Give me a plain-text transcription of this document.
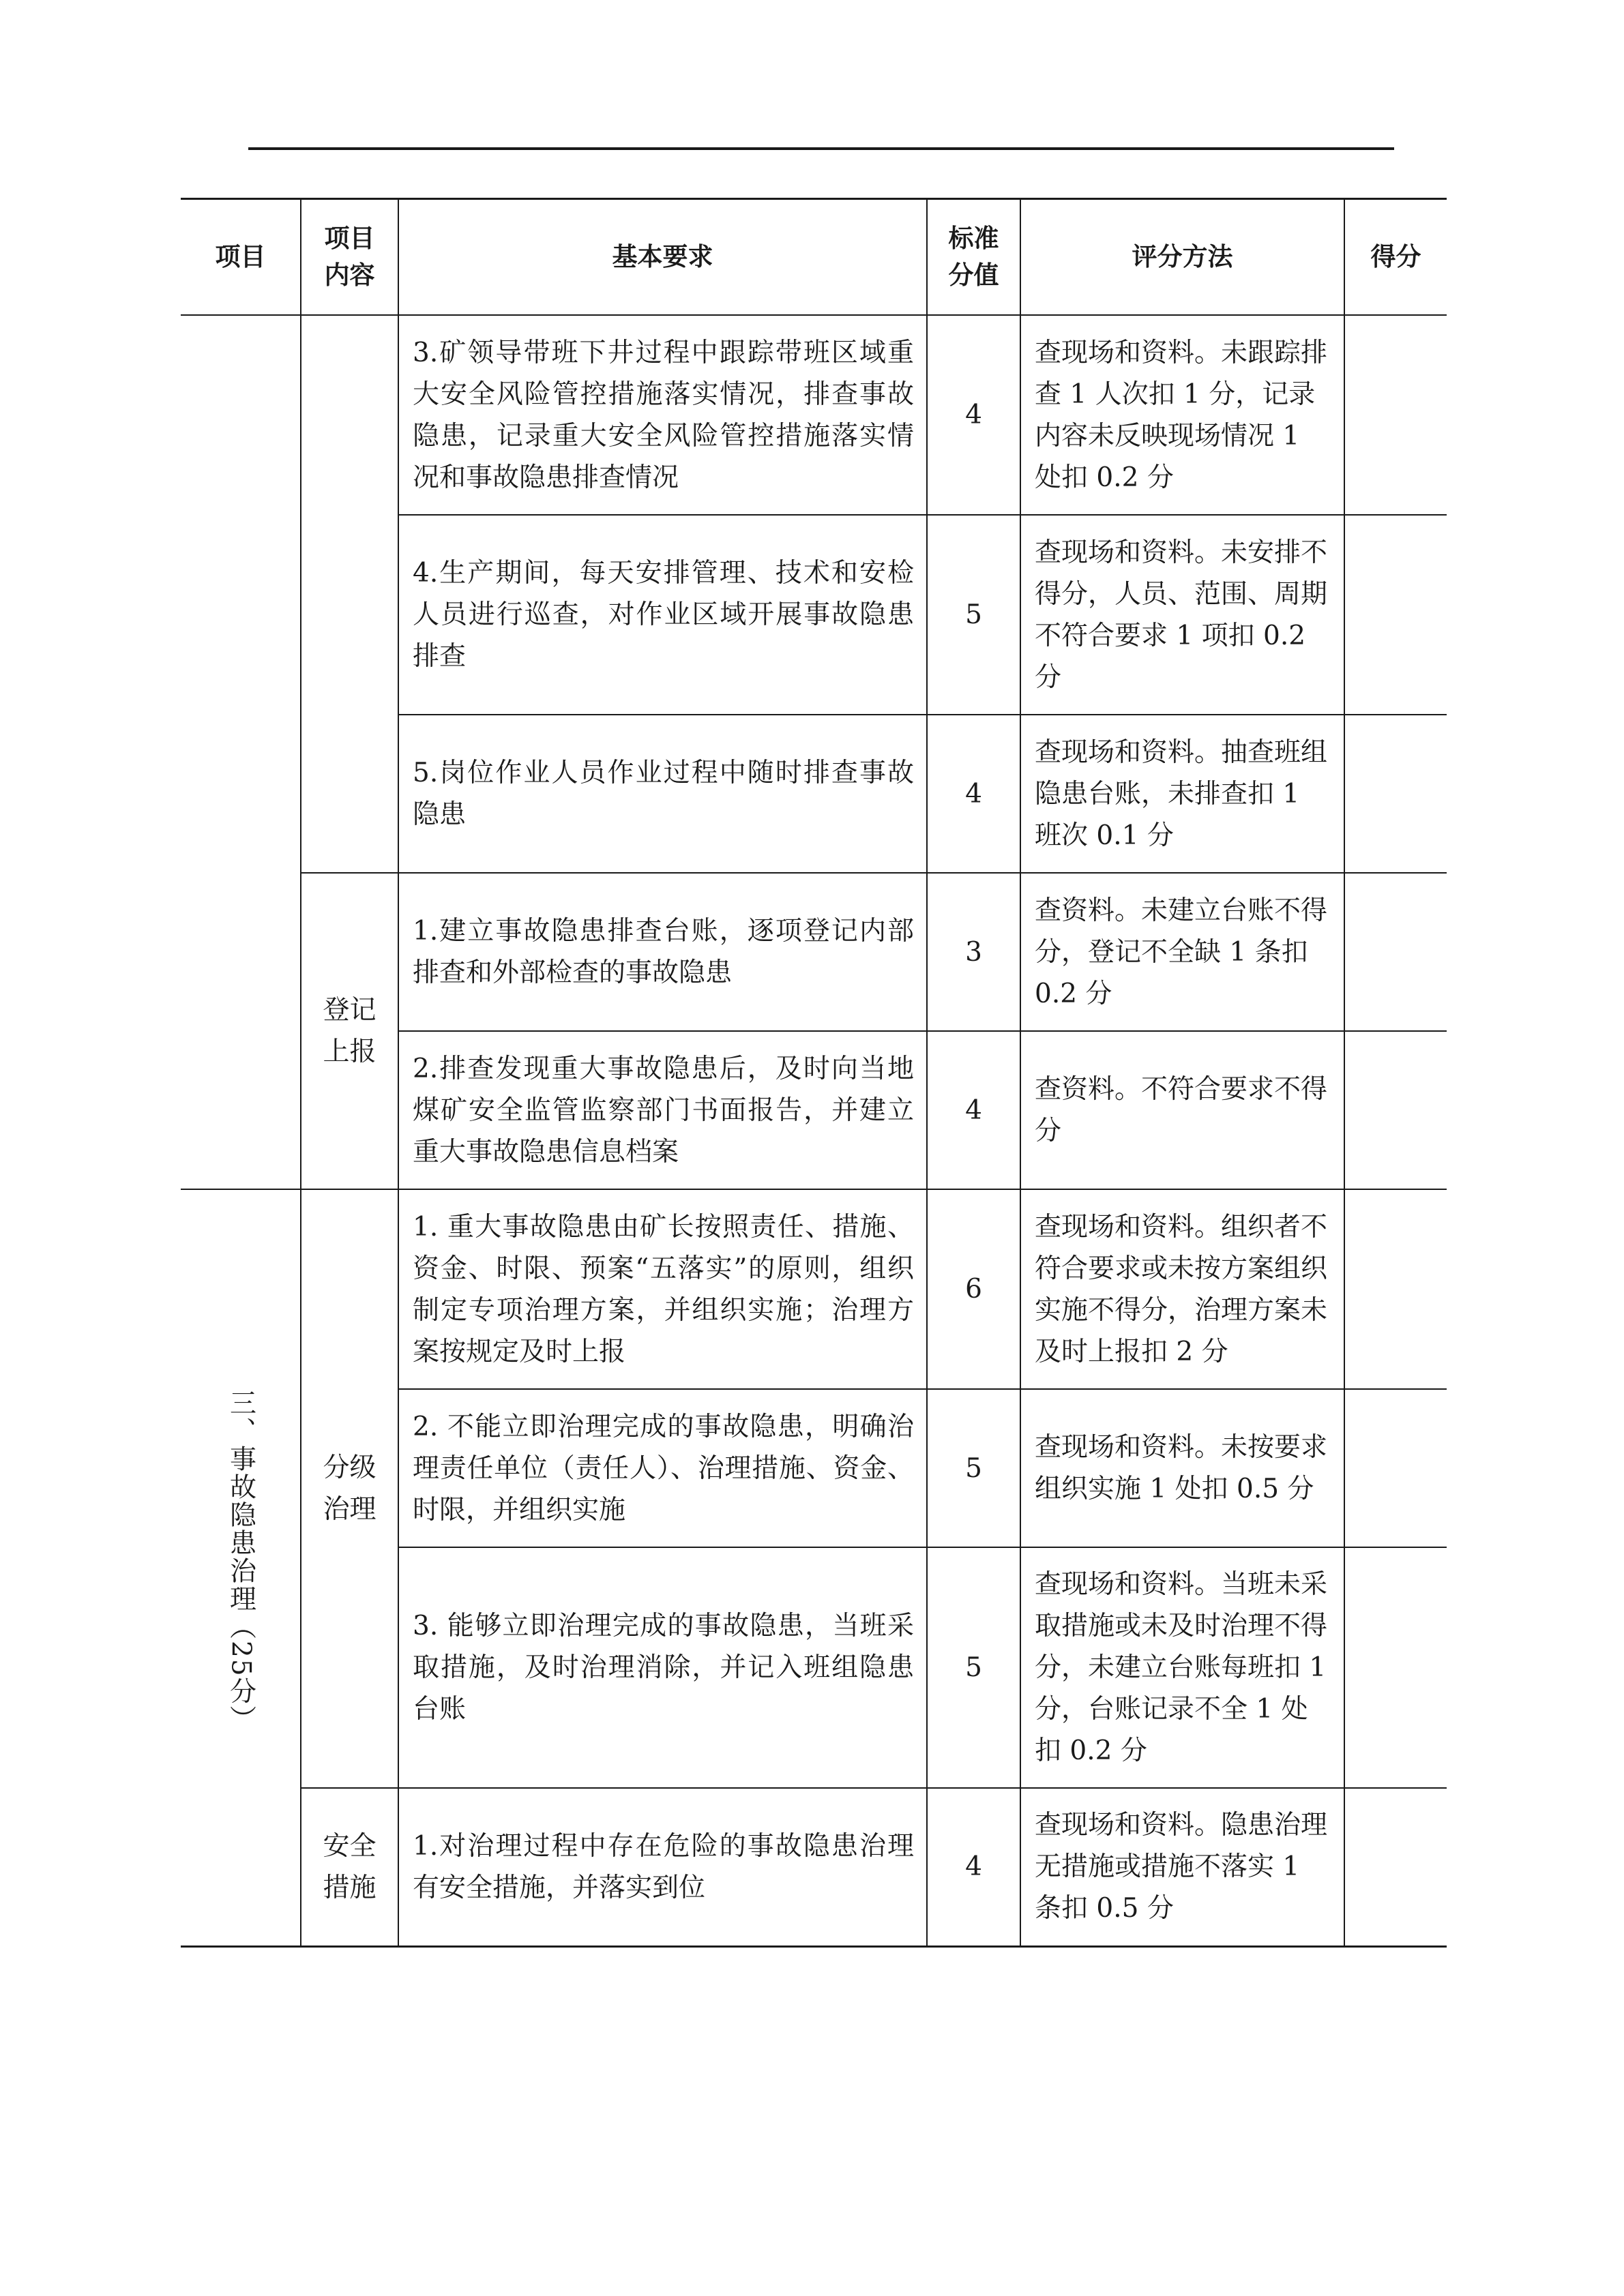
项目	项目内容	基本要求	标准分值	评分方法	得分
		3.矿领导带班下井过程中跟踪带班区域重大安全风险管控措施落实情况，排查事故隐患，记录重大安全风险管控措施落实情况和事故隐患排查情况	4	查现场和资料。未跟踪排查 1 人次扣 1 分，记录内容未反映现场情况 1 处扣 0.2 分	
		4.生产期间，每天安排管理、技术和安检人员进行巡查，对作业区域开展事故隐患排查	5	查现场和资料。未安排不得分，人员、范围、周期不符合要求 1 项扣 0.2 分	
		5.岗位作业人员作业过程中随时排查事故隐患	4	查现场和资料。抽查班组隐患台账，未排查扣 1 班次 0.1 分	
	登记上报	1.建立事故隐患排查台账，逐项登记内部排查和外部检查的事故隐患	3	查资料。未建立台账不得分，登记不全缺 1 条扣 0.2 分	
		2.排查发现重大事故隐患后，及时向当地煤矿安全监管监察部门书面报告，并建立重大事故隐患信息档案	4	查资料。不符合要求不得分	
三、事故隐患治理（25分）	分级治理	1. 重大事故隐患由矿长按照责任、措施、资金、时限、预案“五落实”的原则，组织制定专项治理方案，并组织实施；治理方案按规定及时上报	6	查现场和资料。组织者不符合要求或未按方案组织实施不得分，治理方案未及时上报扣 2 分	
		2. 不能立即治理完成的事故隐患，明确治理责任单位（责任人）、治理措施、资金、时限，并组织实施	5	查现场和资料。未按要求组织实施 1 处扣 0.5 分	
		3. 能够立即治理完成的事故隐患，当班采取措施，及时治理消除，并记入班组隐患台账	5	查现场和资料。当班未采取措施或未及时治理不得分，未建立台账每班扣 1 分，台账记录不全 1 处扣 0.2 分	
	安全措施	1.对治理过程中存在危险的事故隐患治理有安全措施，并落实到位	4	查现场和资料。隐患治理无措施或措施不落实 1 条扣 0.5 分	
